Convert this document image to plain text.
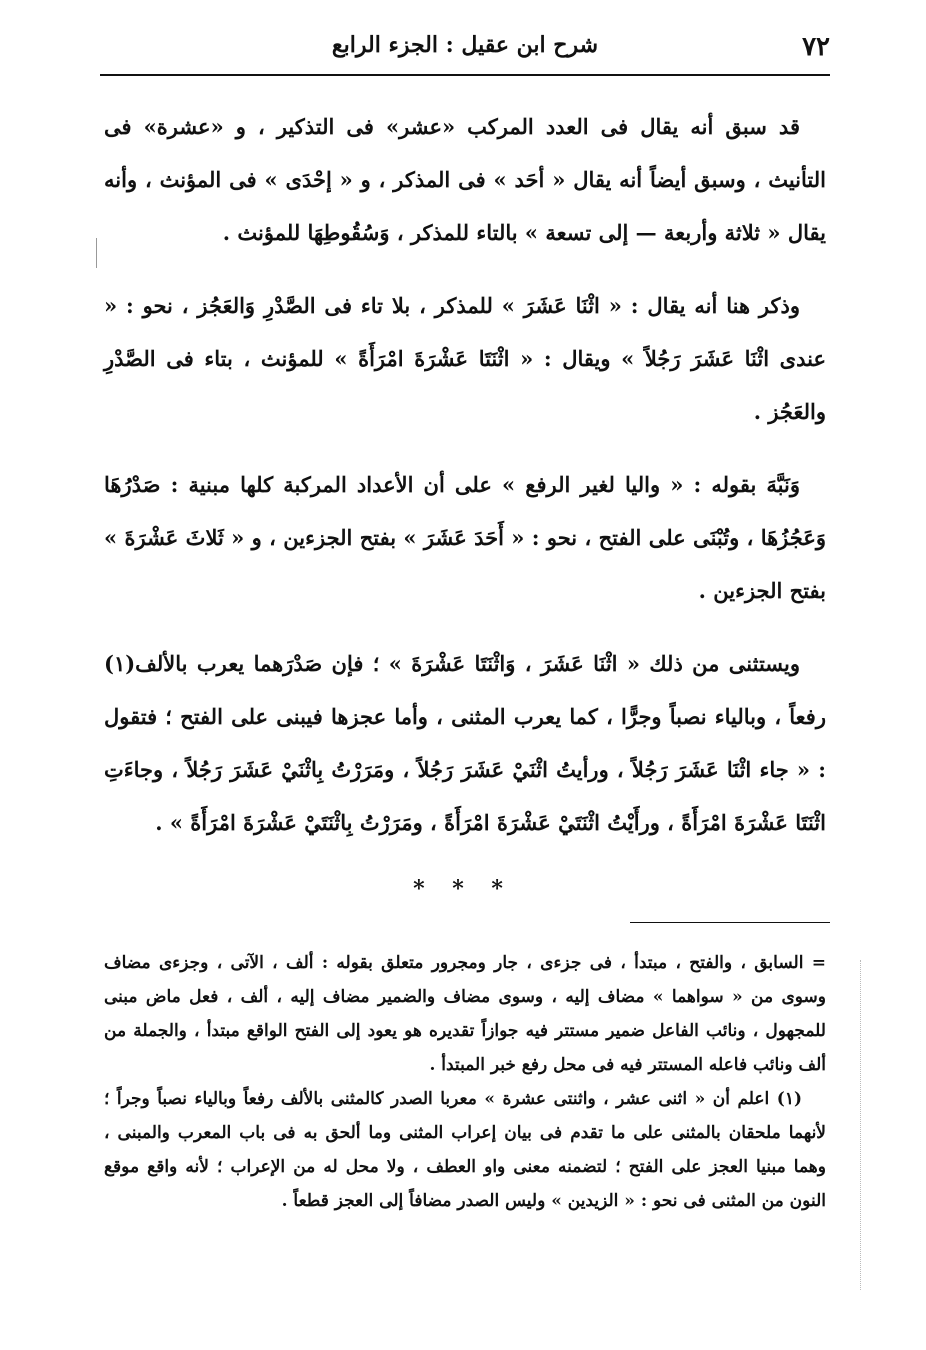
٧٢
شرح ابن عقيل : الجزء الرابع

قد سبق أنه يقال فى العدد المركب «عشر» فى التذكير ، و «عشرة» فى التأنيث ، وسبق أيضاً أنه يقال « أحَد » فى المذكر ، و « إحْدَى » فى المؤنث ، وأنه يقال « ثلاثة وأربعة — إلى تسعة » بالتاء للمذكر ، وَسُقُوطِهَا للمؤنث .

وذكر هنا أنه يقال : « اثْنَا عَشَرَ » للمذكر ، بلا تاء فى الصَّدْرِ وَالعَجُز ، نحو : « عندى اثْنَا عَشَرَ رَجُلاً » ويقال : « اثْنَتَا عَشْرَةَ امْرَأَةً » للمؤنث ، بتاء فى الصَّدْرِ والعَجُز .

وَنَبَّهَ بقوله : « واليا لغير الرفع » على أن الأعداد المركبة كلها مبنية : صَدْرُهَا وَعَجُزُهَا ، وتُبْنَى على الفتح ، نحو : « أَحَدَ عَشَرَ » بفتح الجزءين ، و « ثَلاثَ عَشْرَةَ » بفتح الجزءين .

ويستثنى من ذلك « اثْنَا عَشَرَ ، وَاثْنَتَا عَشْرَةَ » ؛ فإن صَدْرَهما يعرب بالألف(١) رفعاً ، وبالياء نصباً وجرًّا ، كما يعرب المثنى ، وأما عجزها فيبنى على الفتح ؛ فتقول : « جاء اثْنَا عَشَرَ رَجُلاً ، ورأيتُ اثْنَيْ عَشَرَ رَجُلاً ، ومَرَرْتُ بِاثْنَيْ عَشَرَ رَجُلاً ، وجاءَتِ اثْنَتَا عَشْرَةَ امْرَأَةً ، ورأَيْتُ اثْنَتَيْ عَشْرَةَ امْرَأَةً ، ومَرَرْتُ بِاثْنَتَيْ عَشْرَةَ امْرَأَةً » .

* * *

= السابق ، والفتح ، مبتدأ ، فى جزءى ، جار ومجرور متعلق بقوله : ألف ، الآتى ، وجزءى مضاف وسوى من « سواهما » مضاف إليه ، وسوى مضاف والضمير مضاف إليه ، ألف ، فعل ماض مبنى للمجهول ، ونائب الفاعل ضمير مستتر فيه جوازاً تقديره هو يعود إلى الفتح الواقع مبتدأ ، والجملة من ألف ونائب فاعله المستتر فيه فى محل رفع خبر المبتدأ .

(١) اعلم أن « اثنى عشر ، واثنتى عشرة » معربا الصدر كالمثنى بالألف رفعاً وبالياء نصباً وجراً ؛ لأنهما ملحقان بالمثنى على ما تقدم فى بيان إعراب المثنى وما ألحق به فى باب المعرب والمبنى ، وهما مبنيا العجز على الفتح ؛ لتضمنه معنى واو العطف ، ولا محل له من الإعراب ؛ لأنه واقع موقع النون من المثنى فى نحو : « الزيدين » وليس الصدر مضافاً إلى العجز قطعاً .
